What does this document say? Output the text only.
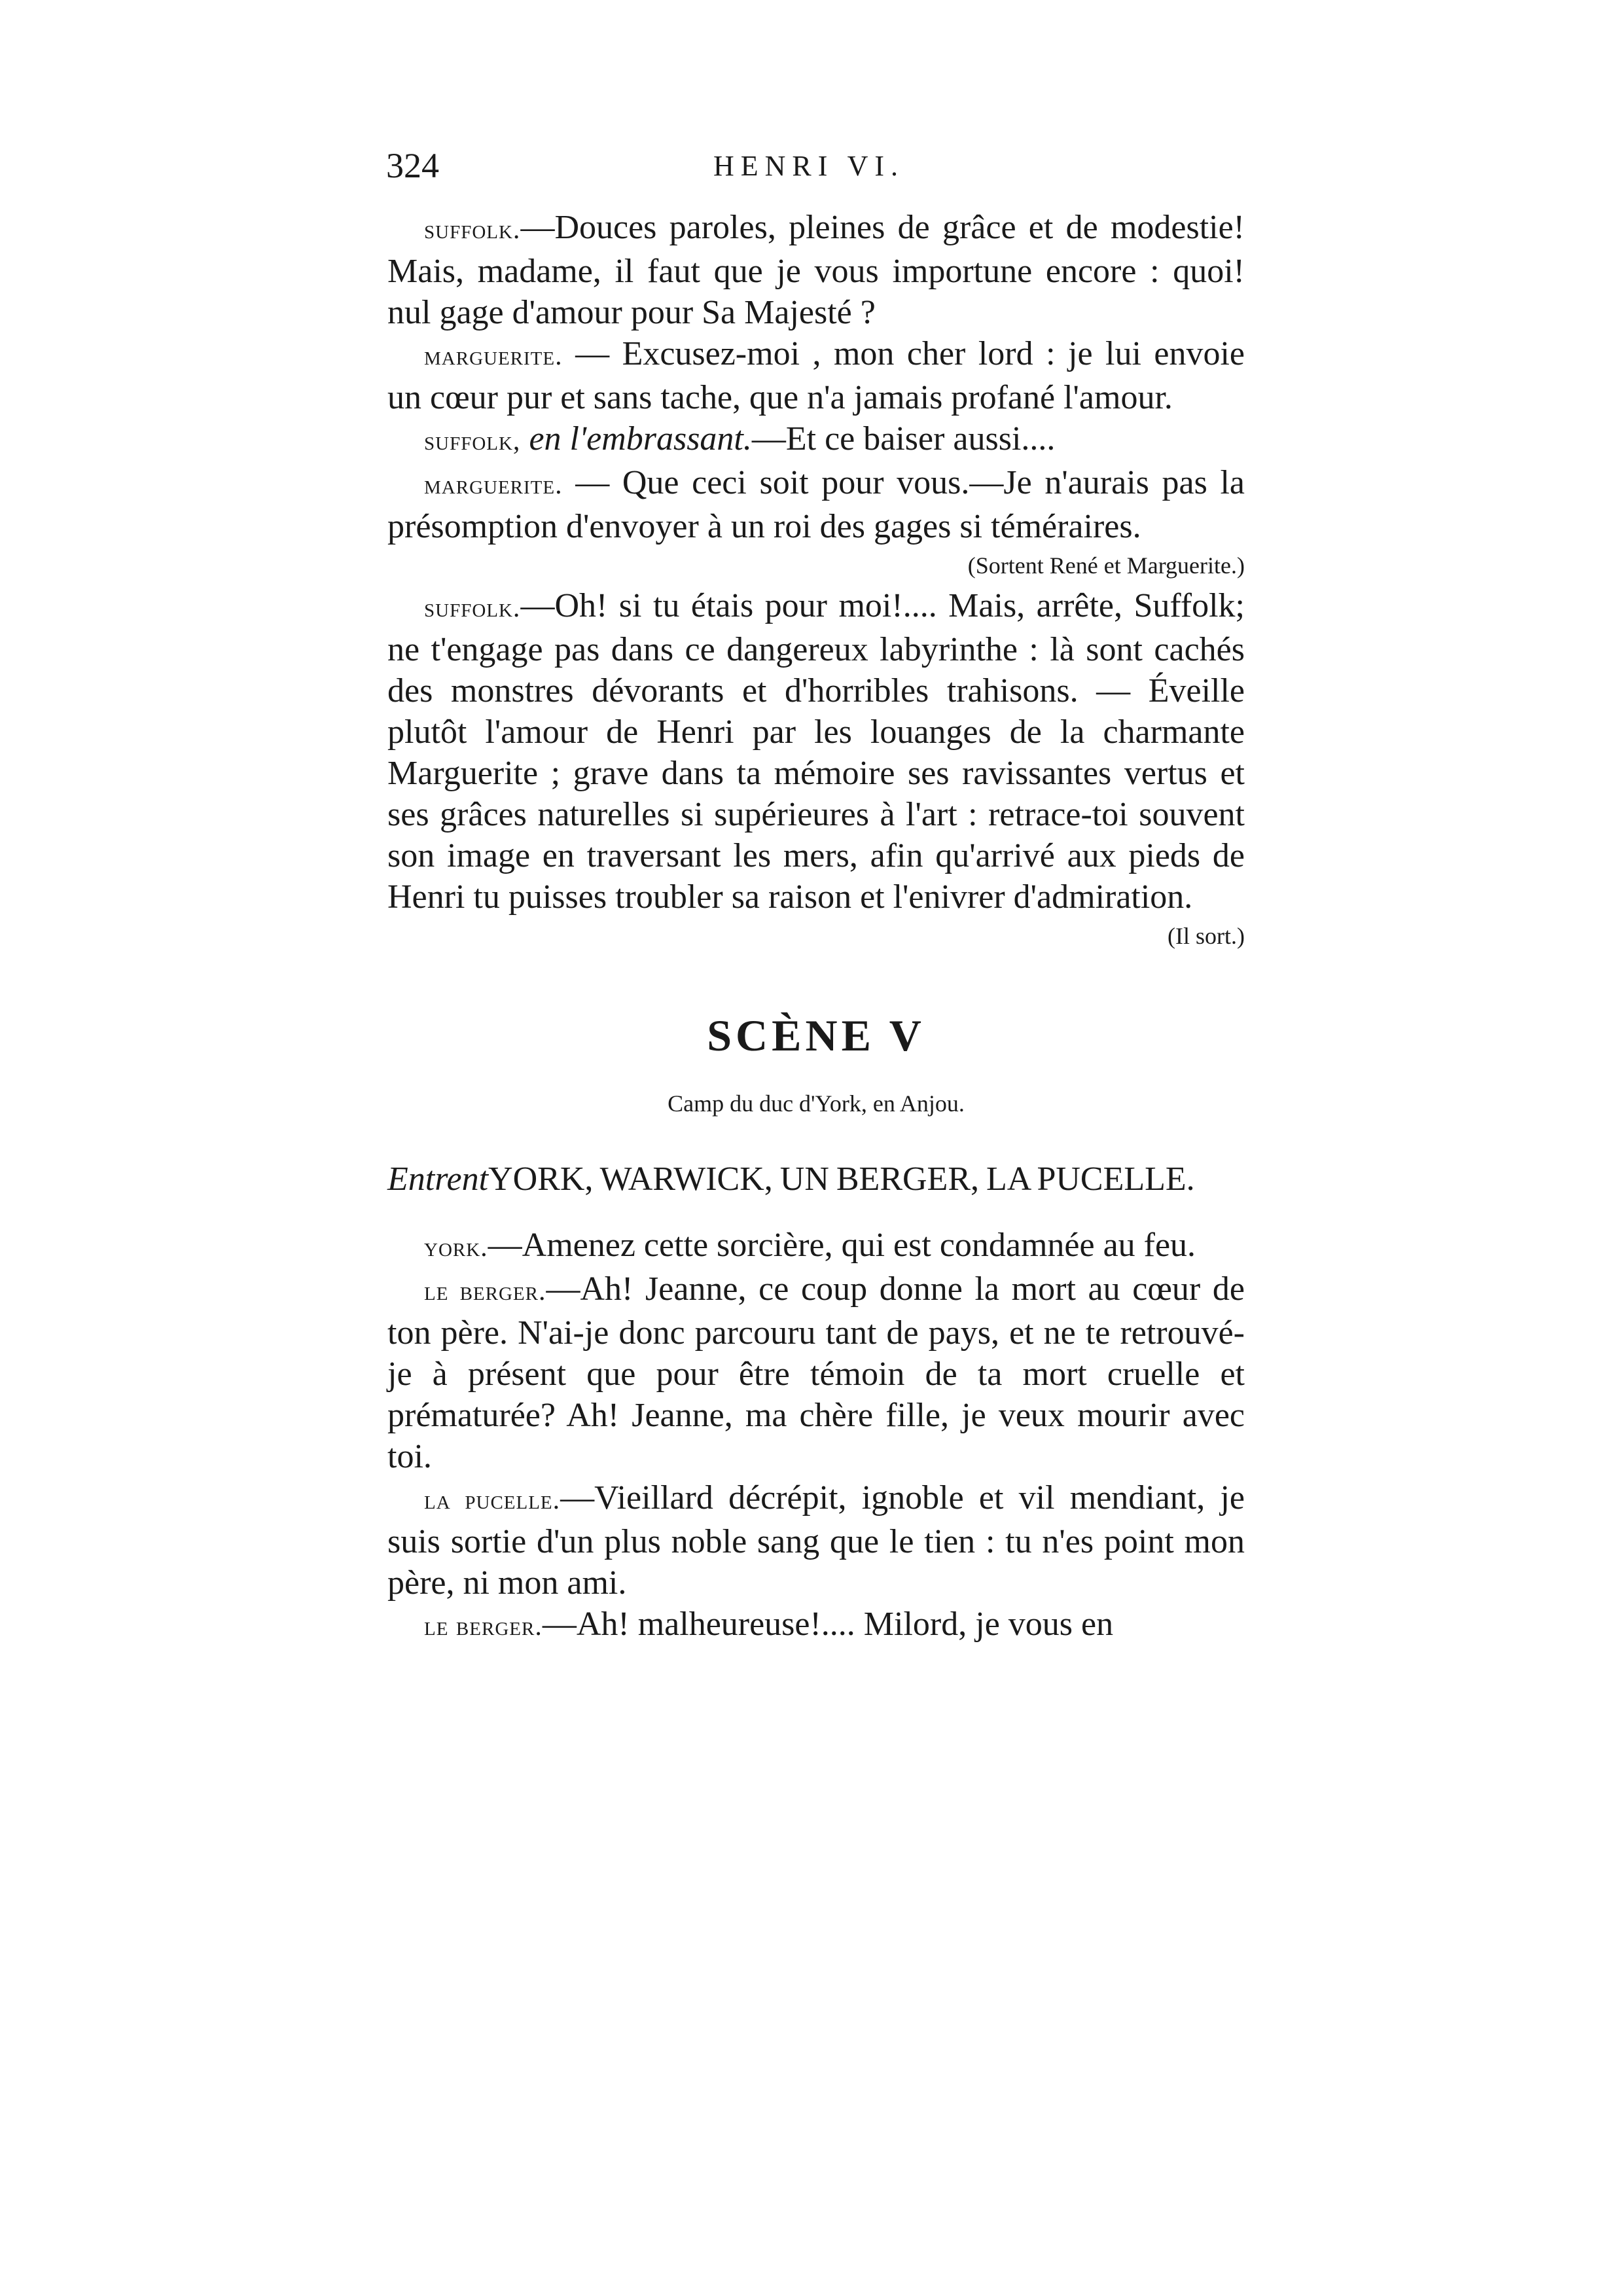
324	HENRI VI.

suffolk.—Douces paroles, pleines de grâce et de modestie! Mais, madame, il faut que je vous importune encore : quoi! nul gage d'amour pour Sa Majesté ?

marguerite. — Excusez-moi , mon cher lord : je lui envoie un cœur pur et sans tache, que n'a jamais profané l'amour.

suffolk, en l'embrassant.—Et ce baiser aussi....

marguerite. — Que ceci soit pour vous.—Je n'aurais pas la présomption d'envoyer à un roi des gages si téméraires.

(Sortent René et Marguerite.)

suffolk.—Oh! si tu étais pour moi!.... Mais, arrête, Suffolk; ne t'engage pas dans ce dangereux labyrinthe : là sont cachés des monstres dévorants et d'horribles trahisons. — Éveille plutôt l'amour de Henri par les louanges de la charmante Marguerite ; grave dans ta mémoire ses ravissantes vertus et ses grâces naturelles si supérieures à l'art : retrace-toi souvent son image en traversant les mers, afin qu'arrivé aux pieds de Henri tu puisses troubler sa raison et l'enivrer d'admiration.

(Il sort.)

SCÈNE V

Camp du duc d'York, en Anjou.

EntrentYORK, WARWICK, UN BERGER, LA PUCELLE.

york.—Amenez cette sorcière, qui est condamnée au feu.

le berger.—Ah! Jeanne, ce coup donne la mort au cœur de ton père. N'ai-je donc parcouru tant de pays, et ne te retrouvé-je à présent que pour être témoin de ta mort cruelle et prématurée? Ah! Jeanne, ma chère fille, je veux mourir avec toi.

la pucelle.—Vieillard décrépit, ignoble et vil mendiant, je suis sortie d'un plus noble sang que le tien : tu n'es point mon père, ni mon ami.

le berger.—Ah! malheureuse!.... Milord, je vous en
